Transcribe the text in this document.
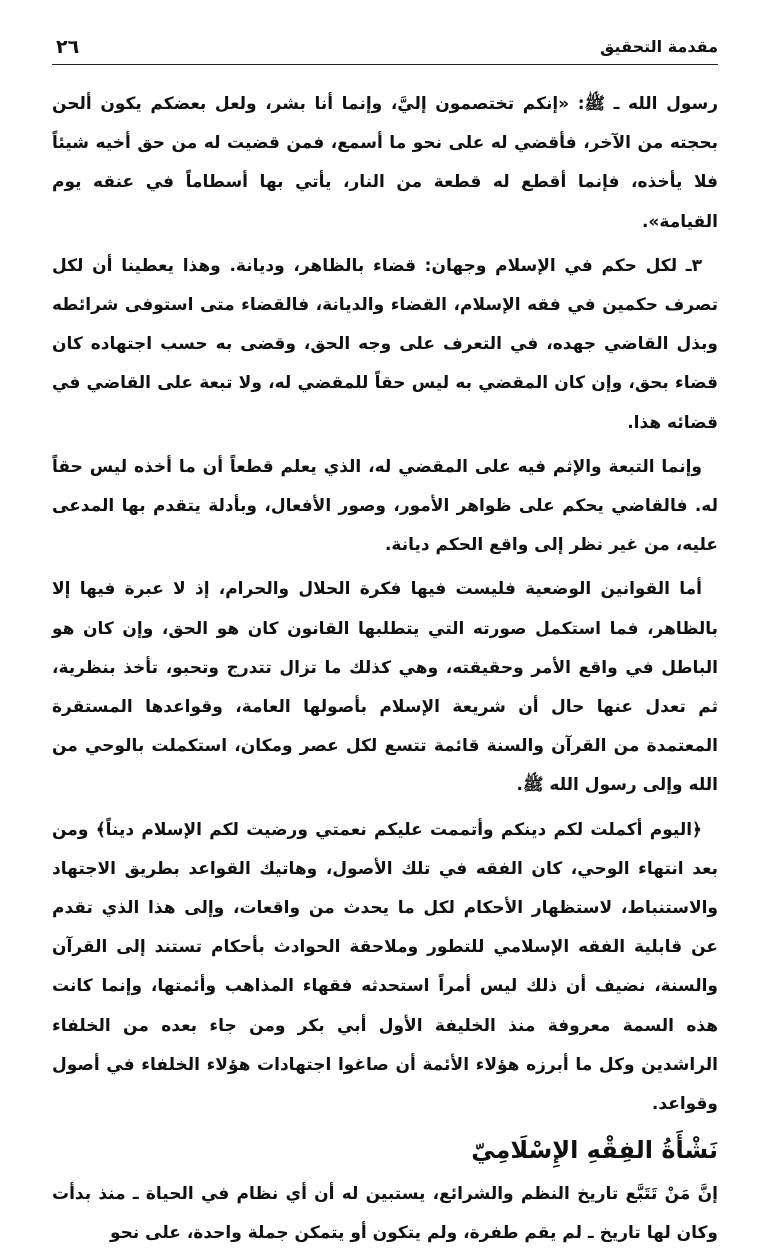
مقدمة التحقيق
٢٦

رسول الله ـ ﷺ: «إنكم تختصمون إليَّ، وإنما أنا بشر، ولعل بعضكم يكون ألحن بحجته من الآخر، فأقضي له على نحو ما أسمع، فمن قضيت له من حق أخيه شيئاً فلا يأخذه، فإنما أقطع له قطعة من النار، يأتي بها أسطاماً في عنقه يوم القيامة».

٣ـ لكل حكم في الإسلام وجهان: قضاء بالظاهر، وديانة. وهذا يعطينا أن لكل تصرف حكمين في فقه الإسلام، القضاء والديانة، فالقضاء متى استوفى شرائطه وبذل القاضي جهده، في التعرف على وجه الحق، وقضى به حسب اجتهاده كان قضاء بحق، وإن كان المقضي به ليس حقاً للمقضي له، ولا تبعة على القاضي في قضائه هذا.

وإنما التبعة والإثم فيه على المقضي له، الذي يعلم قطعاً أن ما أخذه ليس حقاً له. فالقاضي يحكم على ظواهر الأمور، وصور الأفعال، وبأدلة يتقدم بها المدعى عليه، من غير نظر إلى واقع الحكم ديانة.

أما القوانين الوضعية فليست فيها فكرة الحلال والحرام، إذ لا عبرة فيها إلا بالظاهر، فما استكمل صورته التي يتطلبها القانون كان هو الحق، وإن كان هو الباطل في واقع الأمر وحقيقته، وهي كذلك ما تزال تتدرج وتحبو، تأخذ بنظرية، ثم تعدل عنها حال أن شريعة الإسلام بأصولها العامة، وقواعدها المستقرة المعتمدة من القرآن والسنة قائمة تتسع لكل عصر ومكان، استكملت بالوحي من الله وإلى رسول الله ﷺ.

﴿اليوم أكملت لكم دينكم وأتممت عليكم نعمتي ورضيت لكم الإسلام ديناً﴾ ومن بعد انتهاء الوحي، كان الفقه في تلك الأصول، وهاتيك القواعد بطريق الاجتهاد والاستنباط، لاستظهار الأحكام لكل ما يحدث من واقعات، وإلى هذا الذي تقدم عن قابلية الفقه الإسلامي للتطور وملاحقة الحوادث بأحكام تستند إلى القرآن والسنة، نضيف أن ذلك ليس أمراً استحدثه فقهاء المذاهب وأئمتها، وإنما كانت هذه السمة معروفة منذ الخليفة الأول أبي بكر ومن جاء بعده من الخلفاء الراشدين وكل ما أبرزه هؤلاء الأئمة أن صاغوا اجتهادات هؤلاء الخلفاء في أصول وقواعد.

نَشْأَةُ الفِقْهِ الإِسْلَامِيّ

إنَّ مَنْ تَتَبَّع تاريخ النظم والشرائع، يستبين له أن أي نظام في الحياة ـ منذ بدأت وكان لها تاريخ ـ لم يقم طفرة، ولم يتكون أو يتمكن جملة واحدة، على نحو
